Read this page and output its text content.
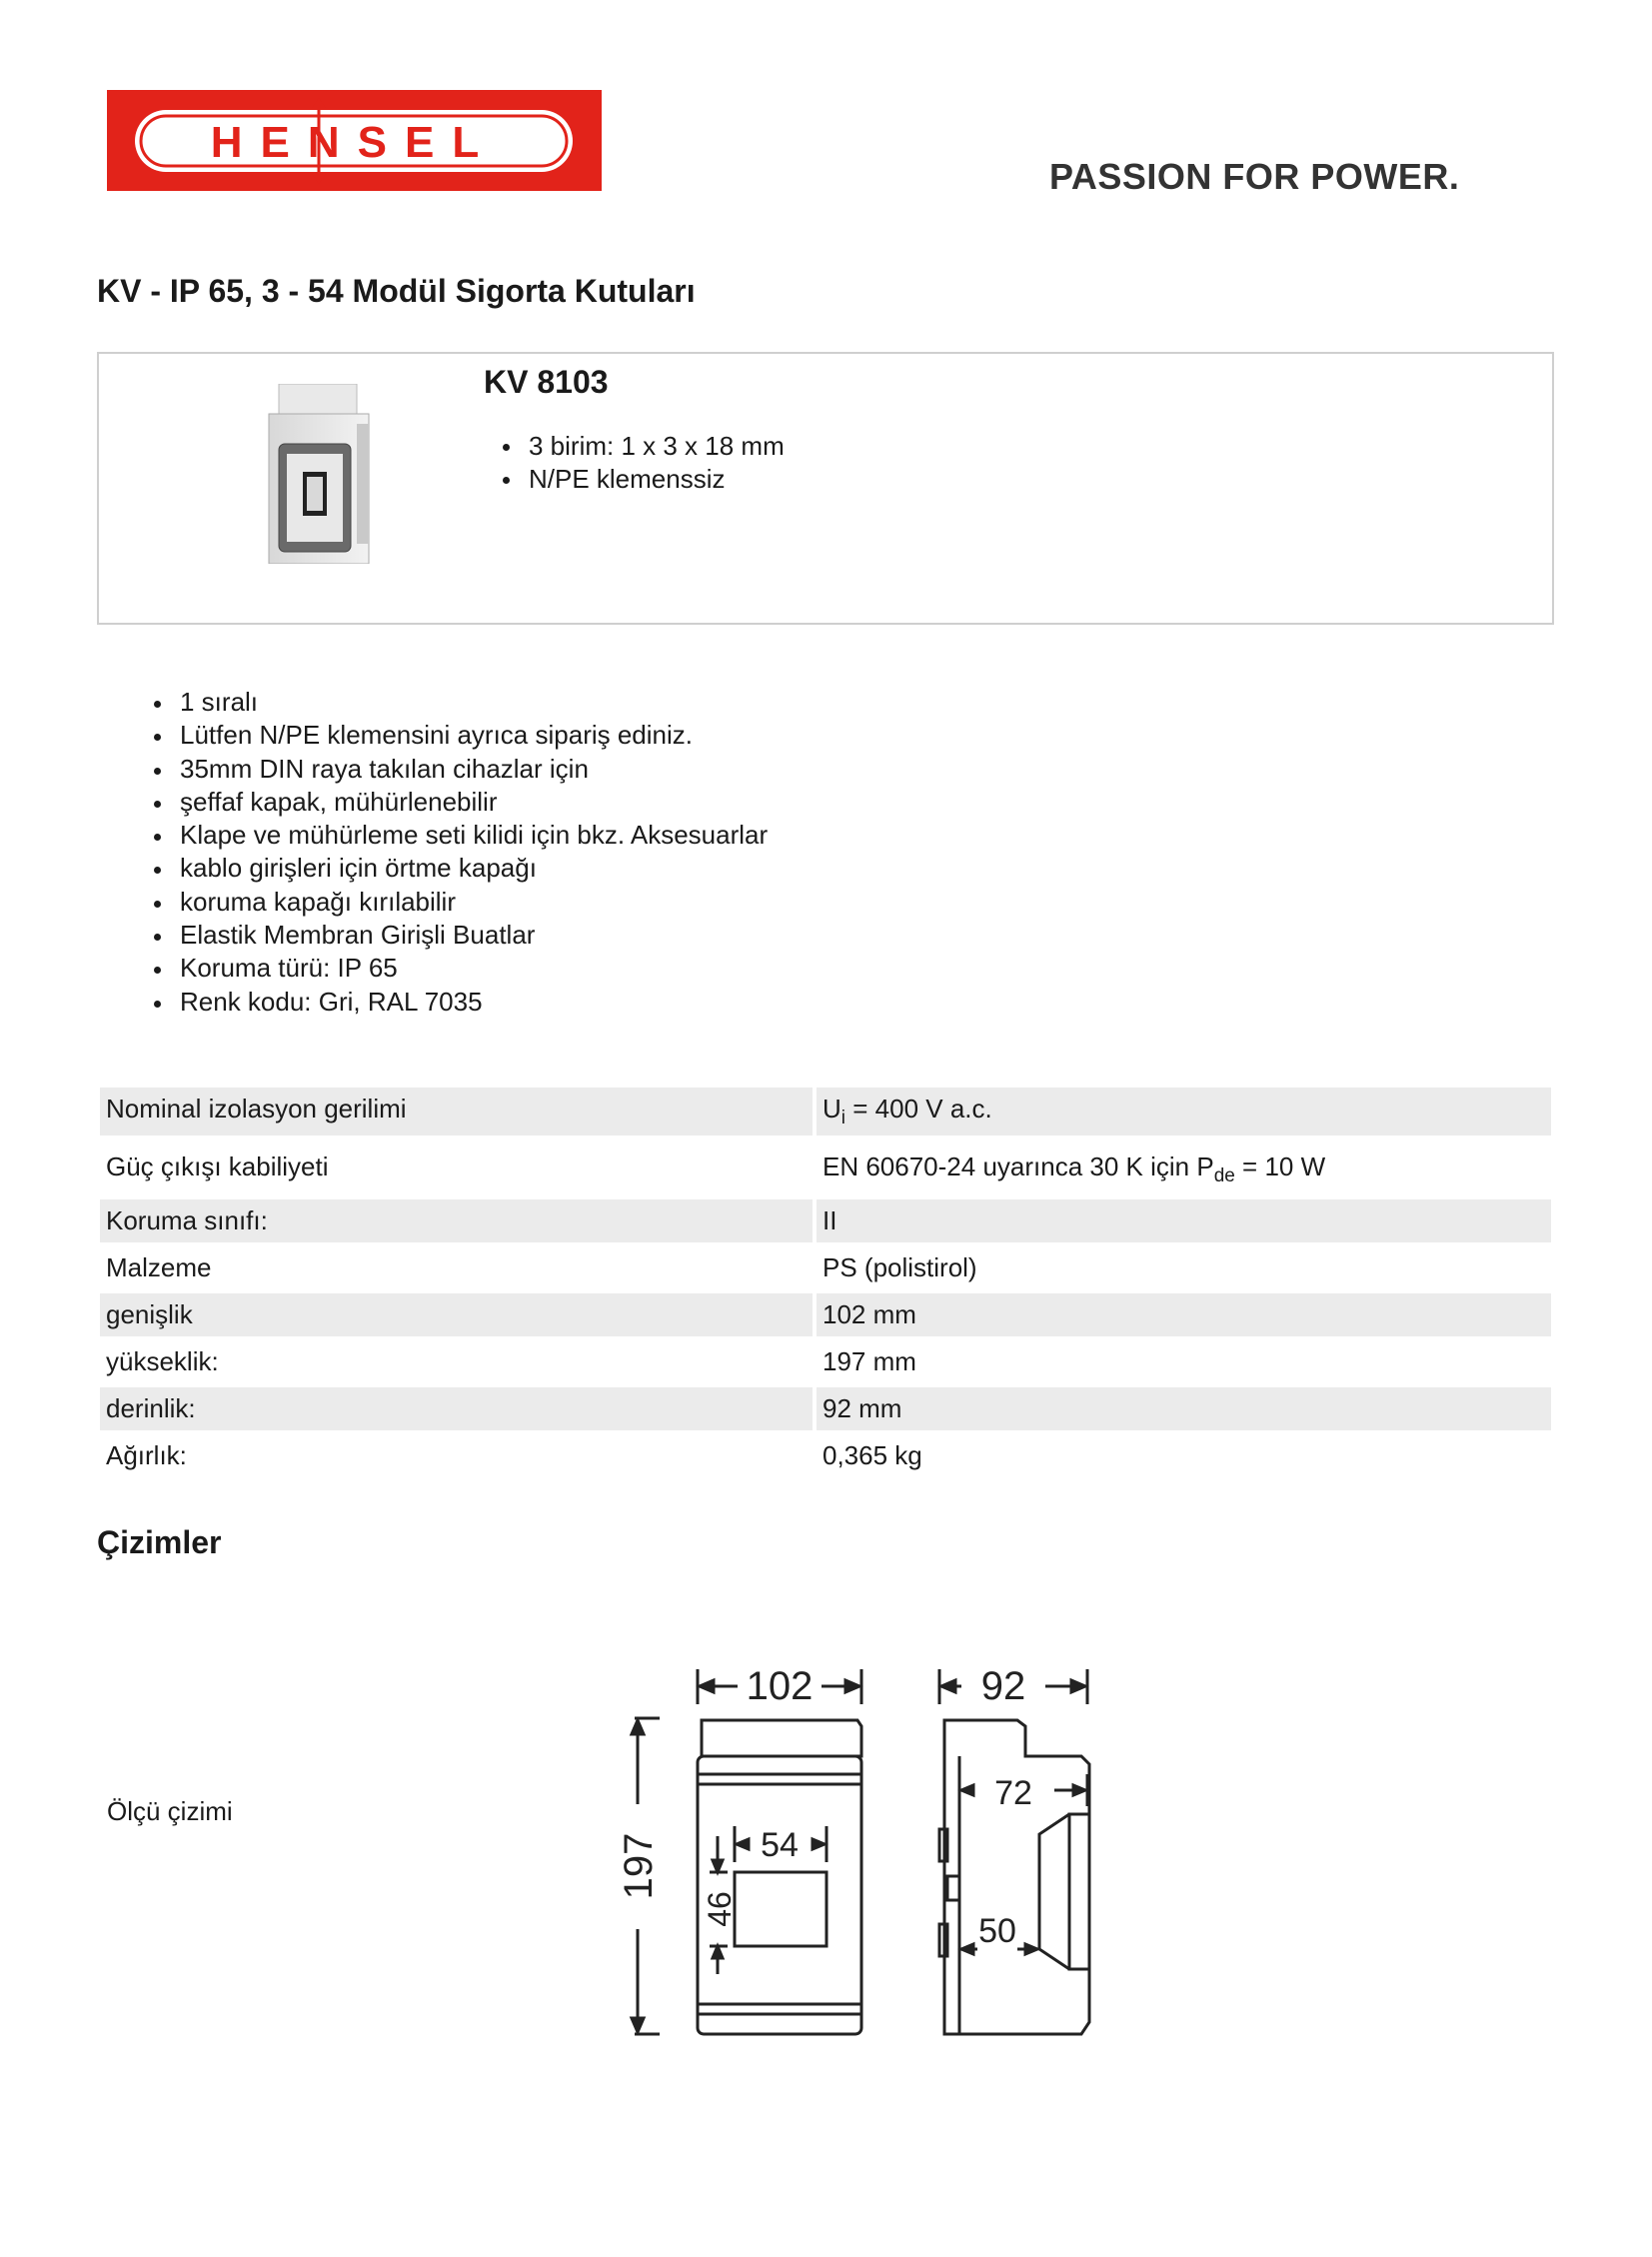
HENSEL
PASSION FOR POWER.
KV - IP 65, 3 - 54 Modül Sigorta Kutuları
KV 8103
3 birim: 1 x 3 x 18 mm
N/PE klemenssiz
1 sıralı
Lütfen N/PE klemensini ayrıca sipariş ediniz.
35mm DIN raya takılan cihazlar için
şeffaf kapak, mühürlenebilir
Klape ve mühürleme seti kilidi için bkz. Aksesuarlar
kablo girişleri için örtme kapağı
koruma kapağı kırılabilir
Elastik Membran Girişli Buatlar
Koruma türü: IP 65
Renk kodu: Gri, RAL 7035
Nominal izolasyon gerilimi		$U_i = 400$ V a.c.
Güç çıkışı kabiliyeti		EN 60670-24 uyarınca 30 K için $P_{de} = 10$ W
Koruma sınıfı:		II
Malzeme		PS (polistirol)
genişlik		102 mm
yükseklik:		197 mm
derinlik:		92 mm
Ağırlık:		0,365 kg
Çizimler
Ölçü çizimi
102
197	54
46
92
72
50
